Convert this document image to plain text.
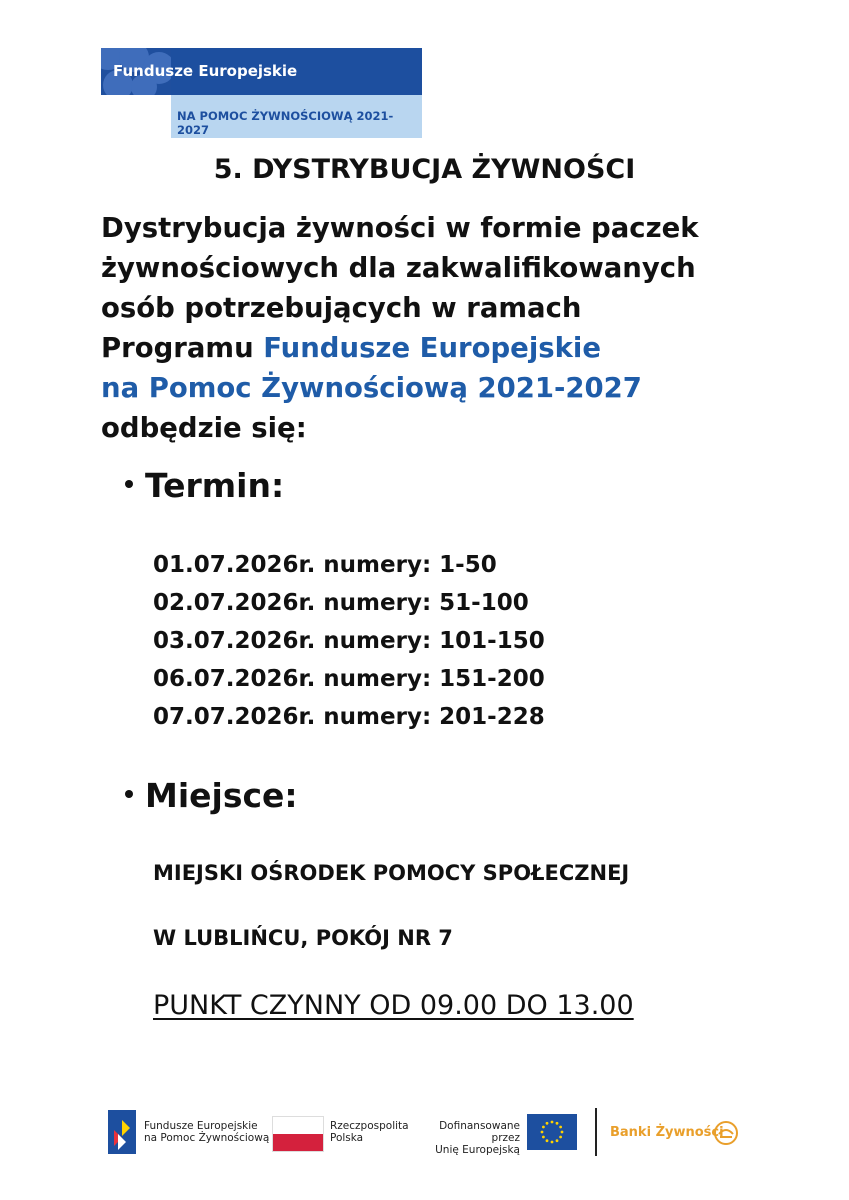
Fundusze Europejskie
NA POMOC ŻYWNOŚCIOWĄ 2021-2027
5. DYSTRYBUCJA ŻYWNOŚCI
Dystrybucja żywności w formie paczek
żywnościowych dla zakwalifikowanych
osób potrzebujących w ramach
Programu Fundusze Europejskie
na Pomoc Żywnościową 2021-2027
odbędzie się:
Termin:
01.07.2026r. numery: 1-50
02.07.2026r. numery: 51-100
03.07.2026r. numery: 101-150
06.07.2026r. numery: 151-200
07.07.2026r. numery: 201-228
Miejsce:
MIEJSKI OŚRODEK POMOCY SPOŁECZNEJ
W LUBLIŃCU, POKÓJ NR 7
PUNKT CZYNNY OD 09.00 DO 13.00
Fundusze Europejskie
na Pomoc Żywnościową
Rzeczpospolita
Polska
Dofinansowane przez
Unię Europejską
Banki Żywności
